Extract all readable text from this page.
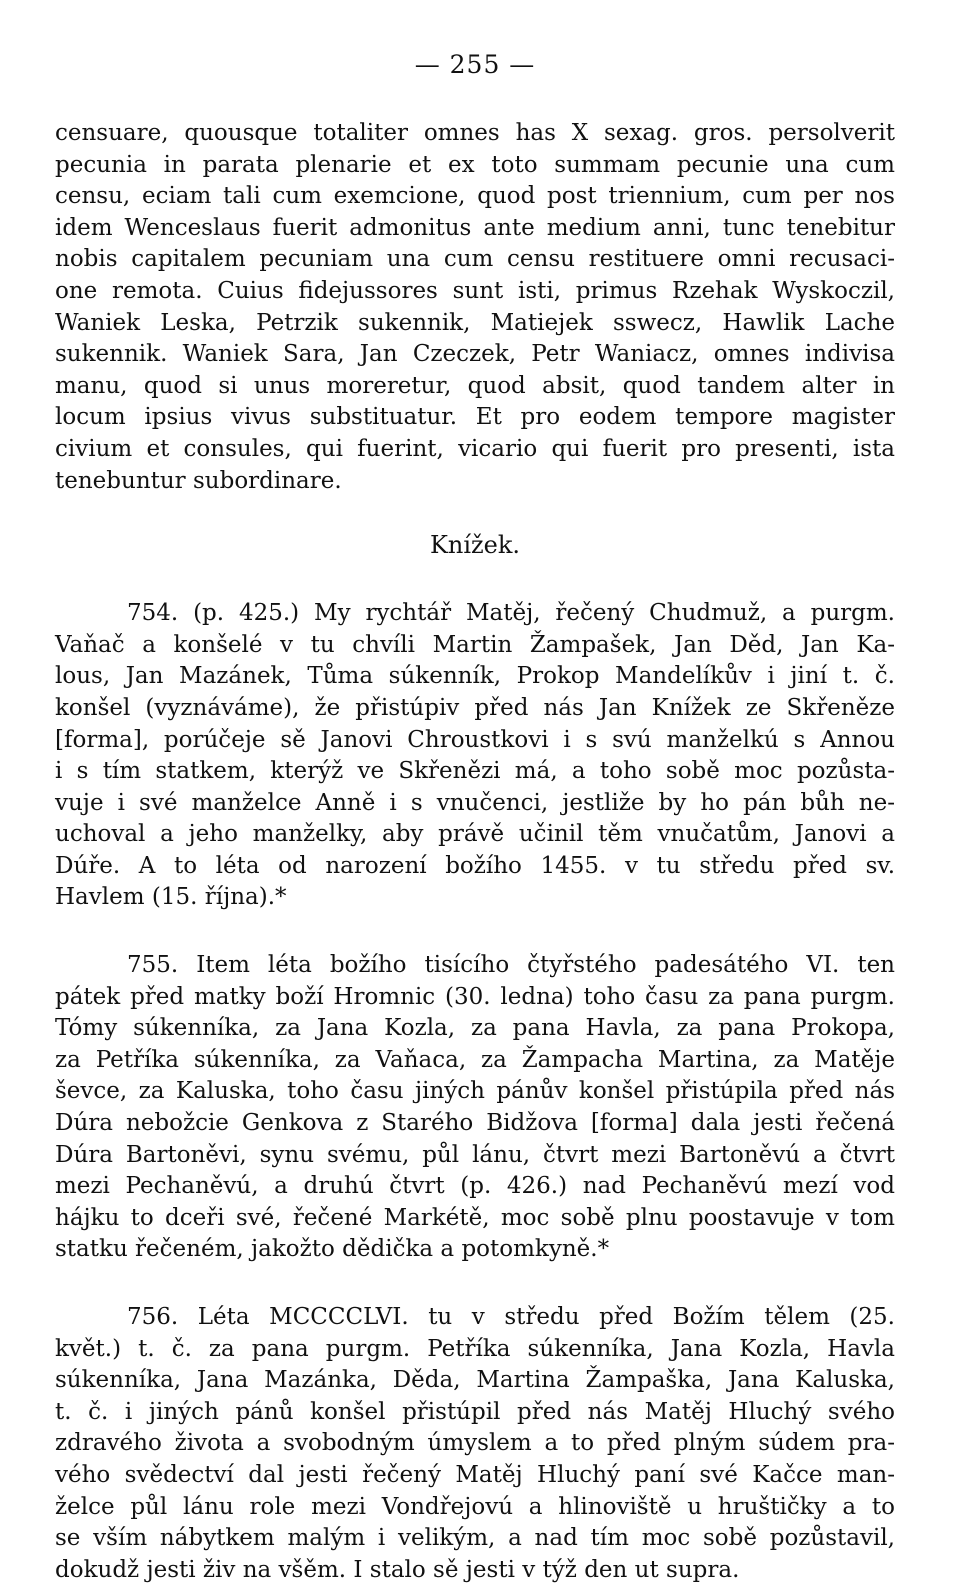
— 255 —
censuare, quousque totaliter omnes has X sexag. gros. persolverit
pecunia in parata plenarie et ex toto summam pecunie una cum
censu, eciam tali cum exemcione, quod post triennium, cum per nos
idem Wenceslaus fuerit admonitus ante medium anni, tunc tenebitur
nobis capitalem pecuniam una cum censu restituere omni recusaci-
one remota. Cuius fidejussores sunt isti, primus Rzehak Wyskoczil,
Waniek Leska, Petrzik sukennik, Matiejek sswecz, Hawlik Lache
sukennik. Waniek Sara, Jan Czeczek, Petr Waniacz, omnes indivisa
manu, quod si unus moreretur, quod absit, quod tandem alter in
locum ipsius vivus substituatur. Et pro eodem tempore magister
civium et consules, qui fuerint, vicario qui fuerit pro presenti, ista
tenebuntur subordinare.
Knížek.
754. (p. 425.) My rychtář Matěj, řečený Chudmuž, a purgm.
Vaňač a konšelé v tu chvíli Martin Žampašek, Jan Děd, Jan Ka-
lous, Jan Mazánek, Tůma súkenník, Prokop Mandelíkův i jiní t. č.
konšel (vyznáváme), že přistúpiv před nás Jan Knížek ze Skřeněze
[forma], porúčeje sě Janovi Chroustkovi i s svú manželkú s Annou
i s tím statkem, kterýž ve Skřenězi má, a toho sobě moc pozůsta-
vuje i své manželce Anně i s vnučenci, jestliže by ho pán bůh ne-
uchoval a jeho manželky, aby právě učinil těm vnučatům, Janovi a
Dúře. A to léta od narození božího 1455. v tu středu před sv.
Havlem (15. října).*
755. Item léta božího tisícího čtyřstého padesátého VI. ten
pátek před matky boží Hromnic (30. ledna) toho času za pana purgm.
Tómy súkenníka, za Jana Kozla, za pana Havla, za pana Prokopa,
za Petříka súkenníka, za Vaňaca, za Žampacha Martina, za Matěje
ševce, za Kaluska, toho času jiných pánův konšel přistúpila před nás
Dúra nebožcie Genkova z Starého Bidžova [forma] dala jesti řečená
Dúra Bartoněvi, synu svému, půl lánu, čtvrt mezi Bartoněvú a čtvrt
mezi Pechaněvú, a druhú čtvrt (p. 426.) nad Pechaněvú mezí vod
hájku to dceři své, řečené Markétě, moc sobě plnu poostavuje v tom
statku řečeném, jakožto dědička a potomkyně.*
756. Léta MCCCCLVI. tu v středu před Božím tělem (25.
květ.) t. č. za pana purgm. Petříka súkenníka, Jana Kozla, Havla
súkenníka, Jana Mazánka, Děda, Martina Žampaška, Jana Kaluska,
t. č. i jiných pánů konšel přistúpil před nás Matěj Hluchý svého
zdravého života a svobodným úmyslem a to před plným súdem pra-
vého svědectví dal jesti řečený Matěj Hluchý paní své Kačce man-
želce půl lánu role mezi Vondřejovú a hlinoviště u hruštičky a to
se vším nábytkem malým i velikým, a nad tím moc sobě pozůstavil,
dokudž jesti živ na všěm. I stalo sě jesti v týž den ut supra.
